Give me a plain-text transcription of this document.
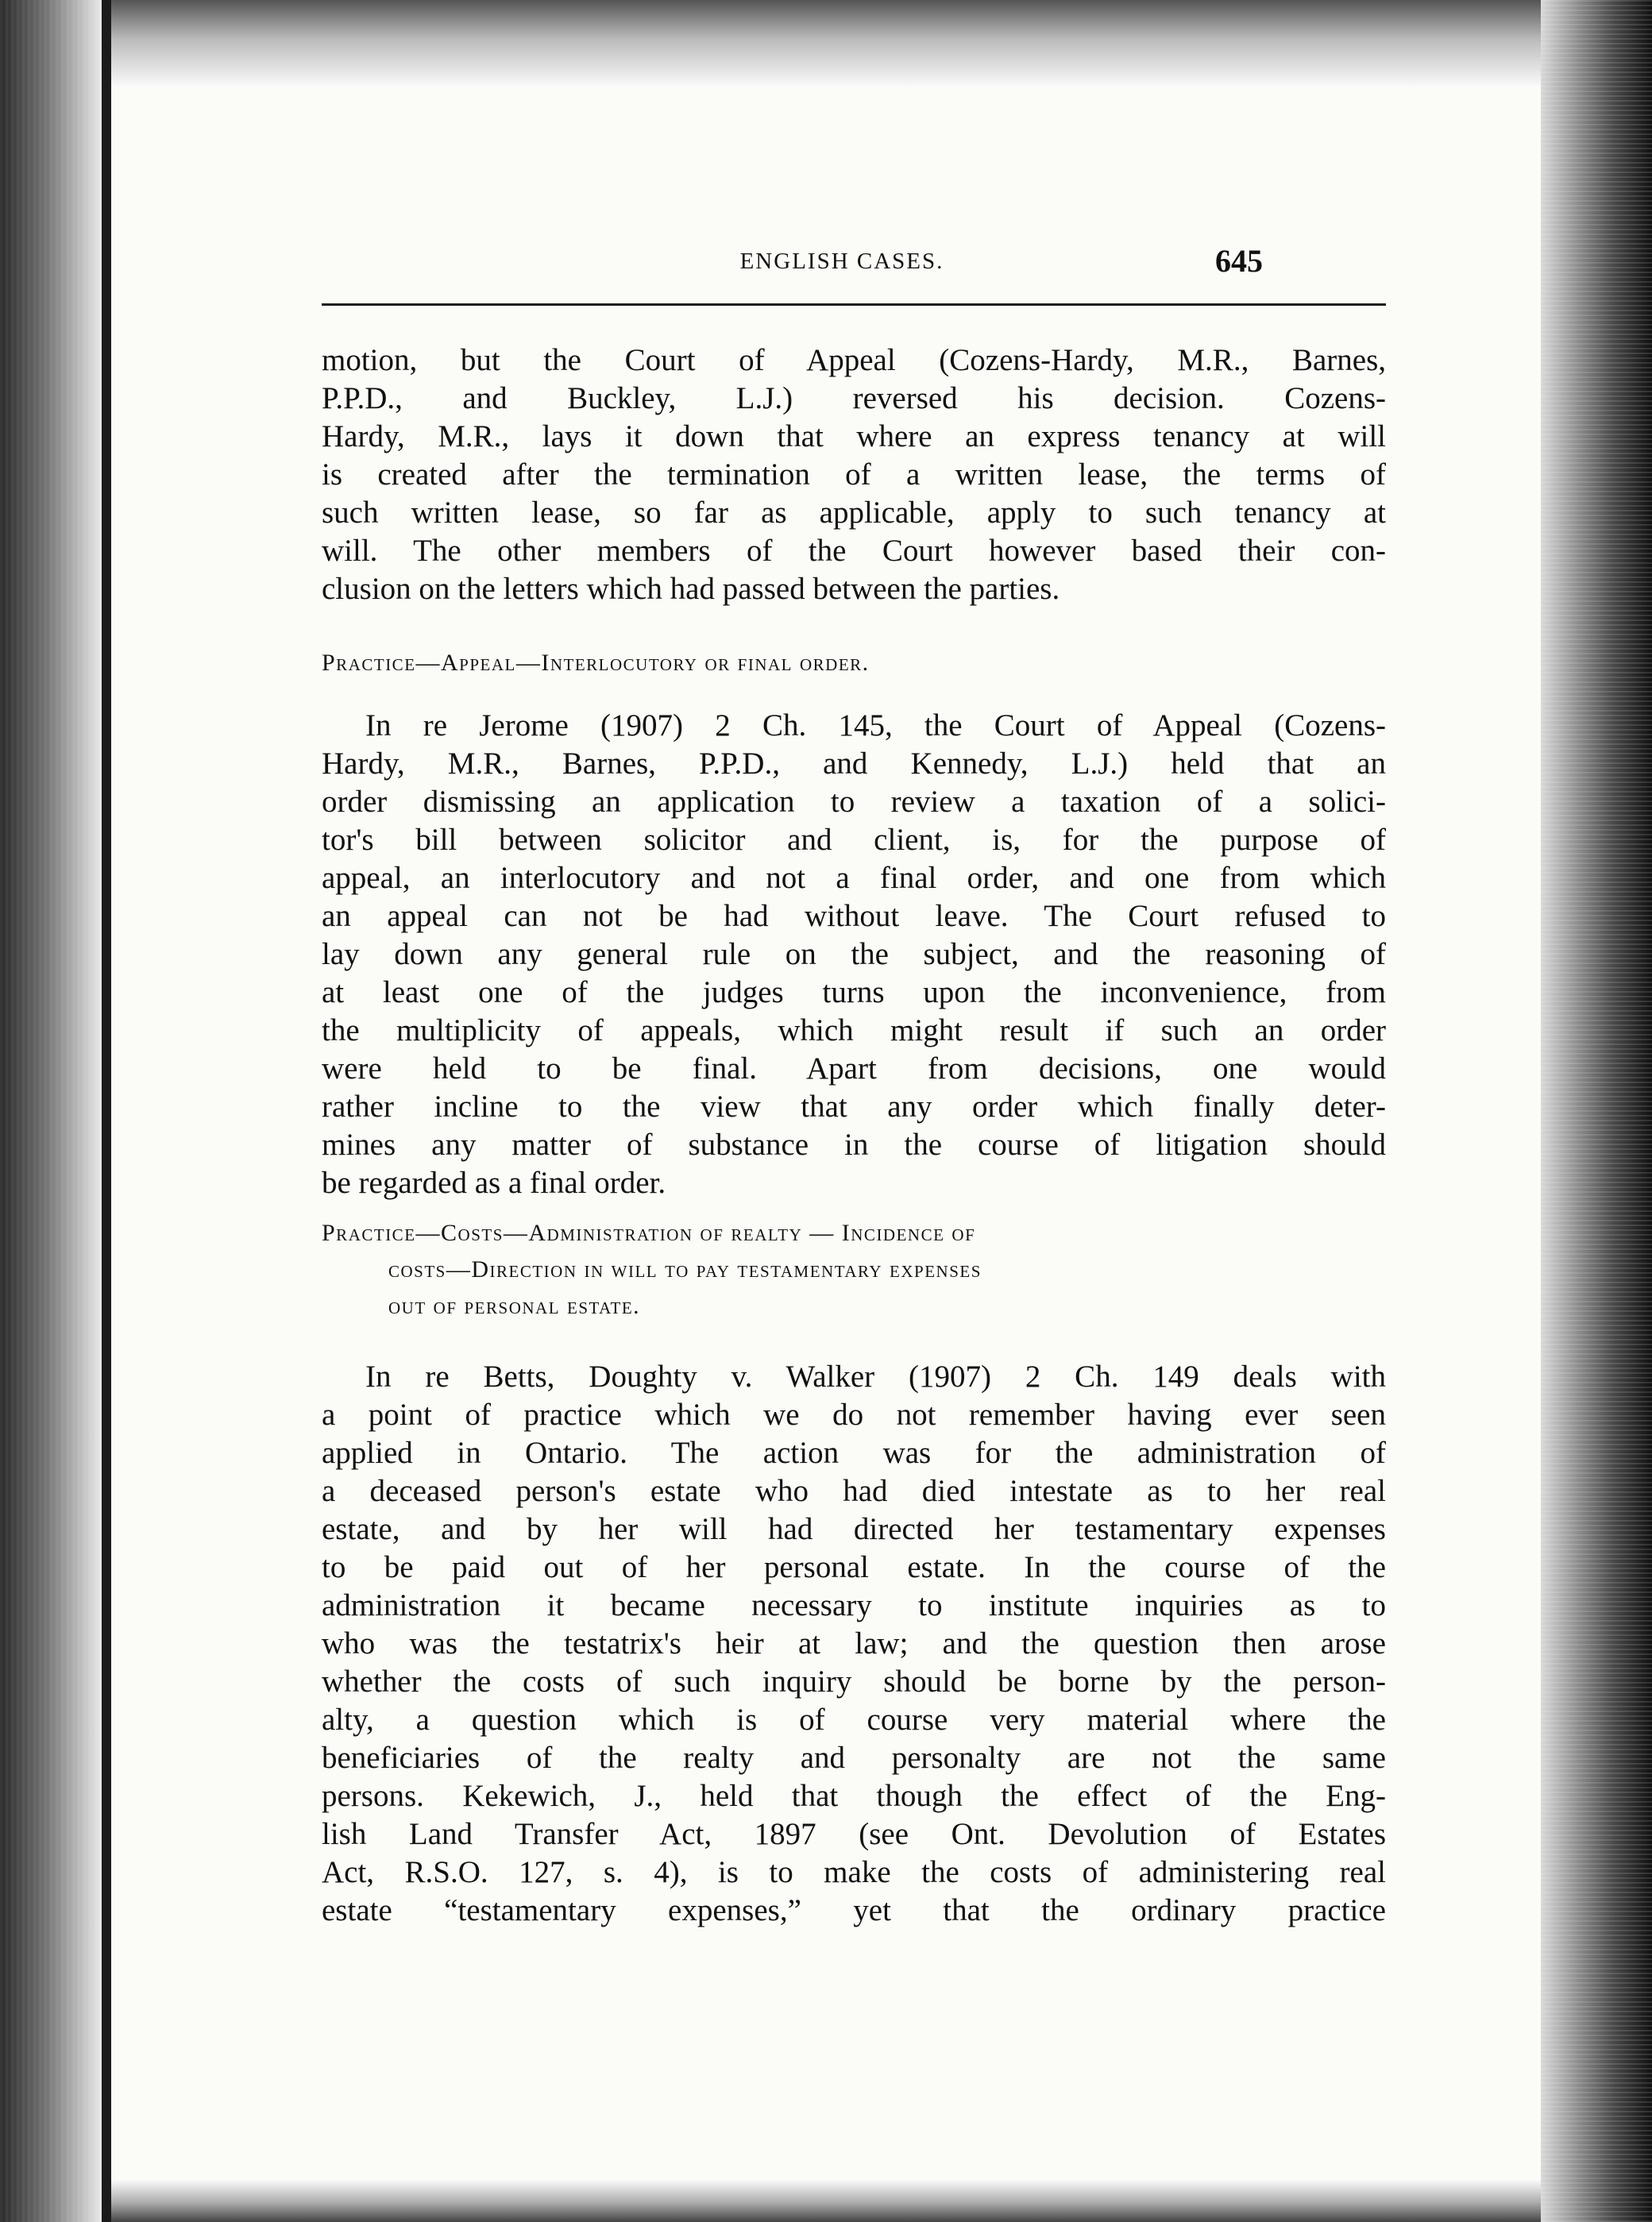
ENGLISH CASES.	645
motion, but the Court of Appeal (Cozens-Hardy, M.R., Barnes,
P.P.D., and Buckley, L.J.) reversed his decision. Cozens-
Hardy, M.R., lays it down that where an express tenancy at will
is created after the termination of a written lease, the terms of
such written lease, so far as applicable, apply to such tenancy at
will. The other members of the Court however based their con-
clusion on the letters which had passed between the parties.
Practice—Appeal—Interlocutory or final order.
In re Jerome (1907) 2 Ch. 145, the Court of Appeal (Cozens-
Hardy, M.R., Barnes, P.P.D., and Kennedy, L.J.) held that an
order dismissing an application to review a taxation of a solici-
tor's bill between solicitor and client, is, for the purpose of
appeal, an interlocutory and not a final order, and one from which
an appeal can not be had without leave. The Court refused to
lay down any general rule on the subject, and the reasoning of
at least one of the judges turns upon the inconvenience, from
the multiplicity of appeals, which might result if such an order
were held to be final. Apart from decisions, one would
rather incline to the view that any order which finally deter-
mines any matter of substance in the course of litigation should
be regarded as a final order.
Practice—Costs—Administration of realty — Incidence of
costs—Direction in will to pay testamentary expenses
out of personal estate.
In re Betts, Doughty v. Walker (1907) 2 Ch. 149 deals with
a point of practice which we do not remember having ever seen
applied in Ontario. The action was for the administration of
a deceased person's estate who had died intestate as to her real
estate, and by her will had directed her testamentary expenses
to be paid out of her personal estate. In the course of the
administration it became necessary to institute inquiries as to
who was the testatrix's heir at law; and the question then arose
whether the costs of such inquiry should be borne by the person-
alty, a question which is of course very material where the
beneficiaries of the realty and personalty are not the same
persons. Kekewich, J., held that though the effect of the Eng-
lish Land Transfer Act, 1897 (see Ont. Devolution of Estates
Act, R.S.O. 127, s. 4), is to make the costs of administering real
estate “testamentary expenses,” yet that the ordinary practice
